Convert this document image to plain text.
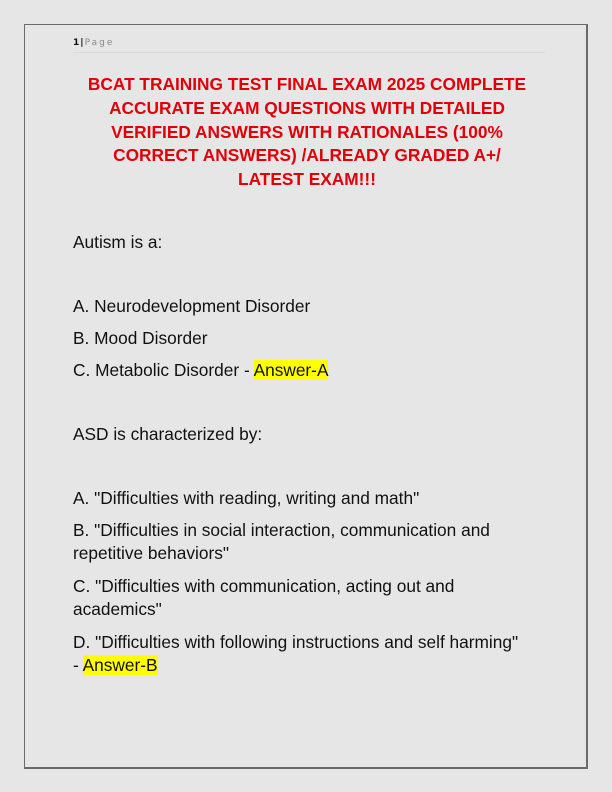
1|Page
BCAT TRAINING TEST FINAL EXAM 2025 COMPLETE
ACCURATE EXAM QUESTIONS WITH DETAILED
VERIFIED ANSWERS WITH RATIONALES (100%
CORRECT ANSWERS) /ALREADY GRADED A+/
LATEST EXAM!!!
Autism is a:
A. Neurodevelopment Disorder
B. Mood Disorder
C. Metabolic Disorder - Answer-A
ASD is characterized by:
A. "Difficulties with reading, writing and math"
B. "Difficulties in social interaction, communication and
repetitive behaviors"
C. "Difficulties with communication, acting out and
academics"
D. "Difficulties with following instructions and self harming"
- Answer-B
